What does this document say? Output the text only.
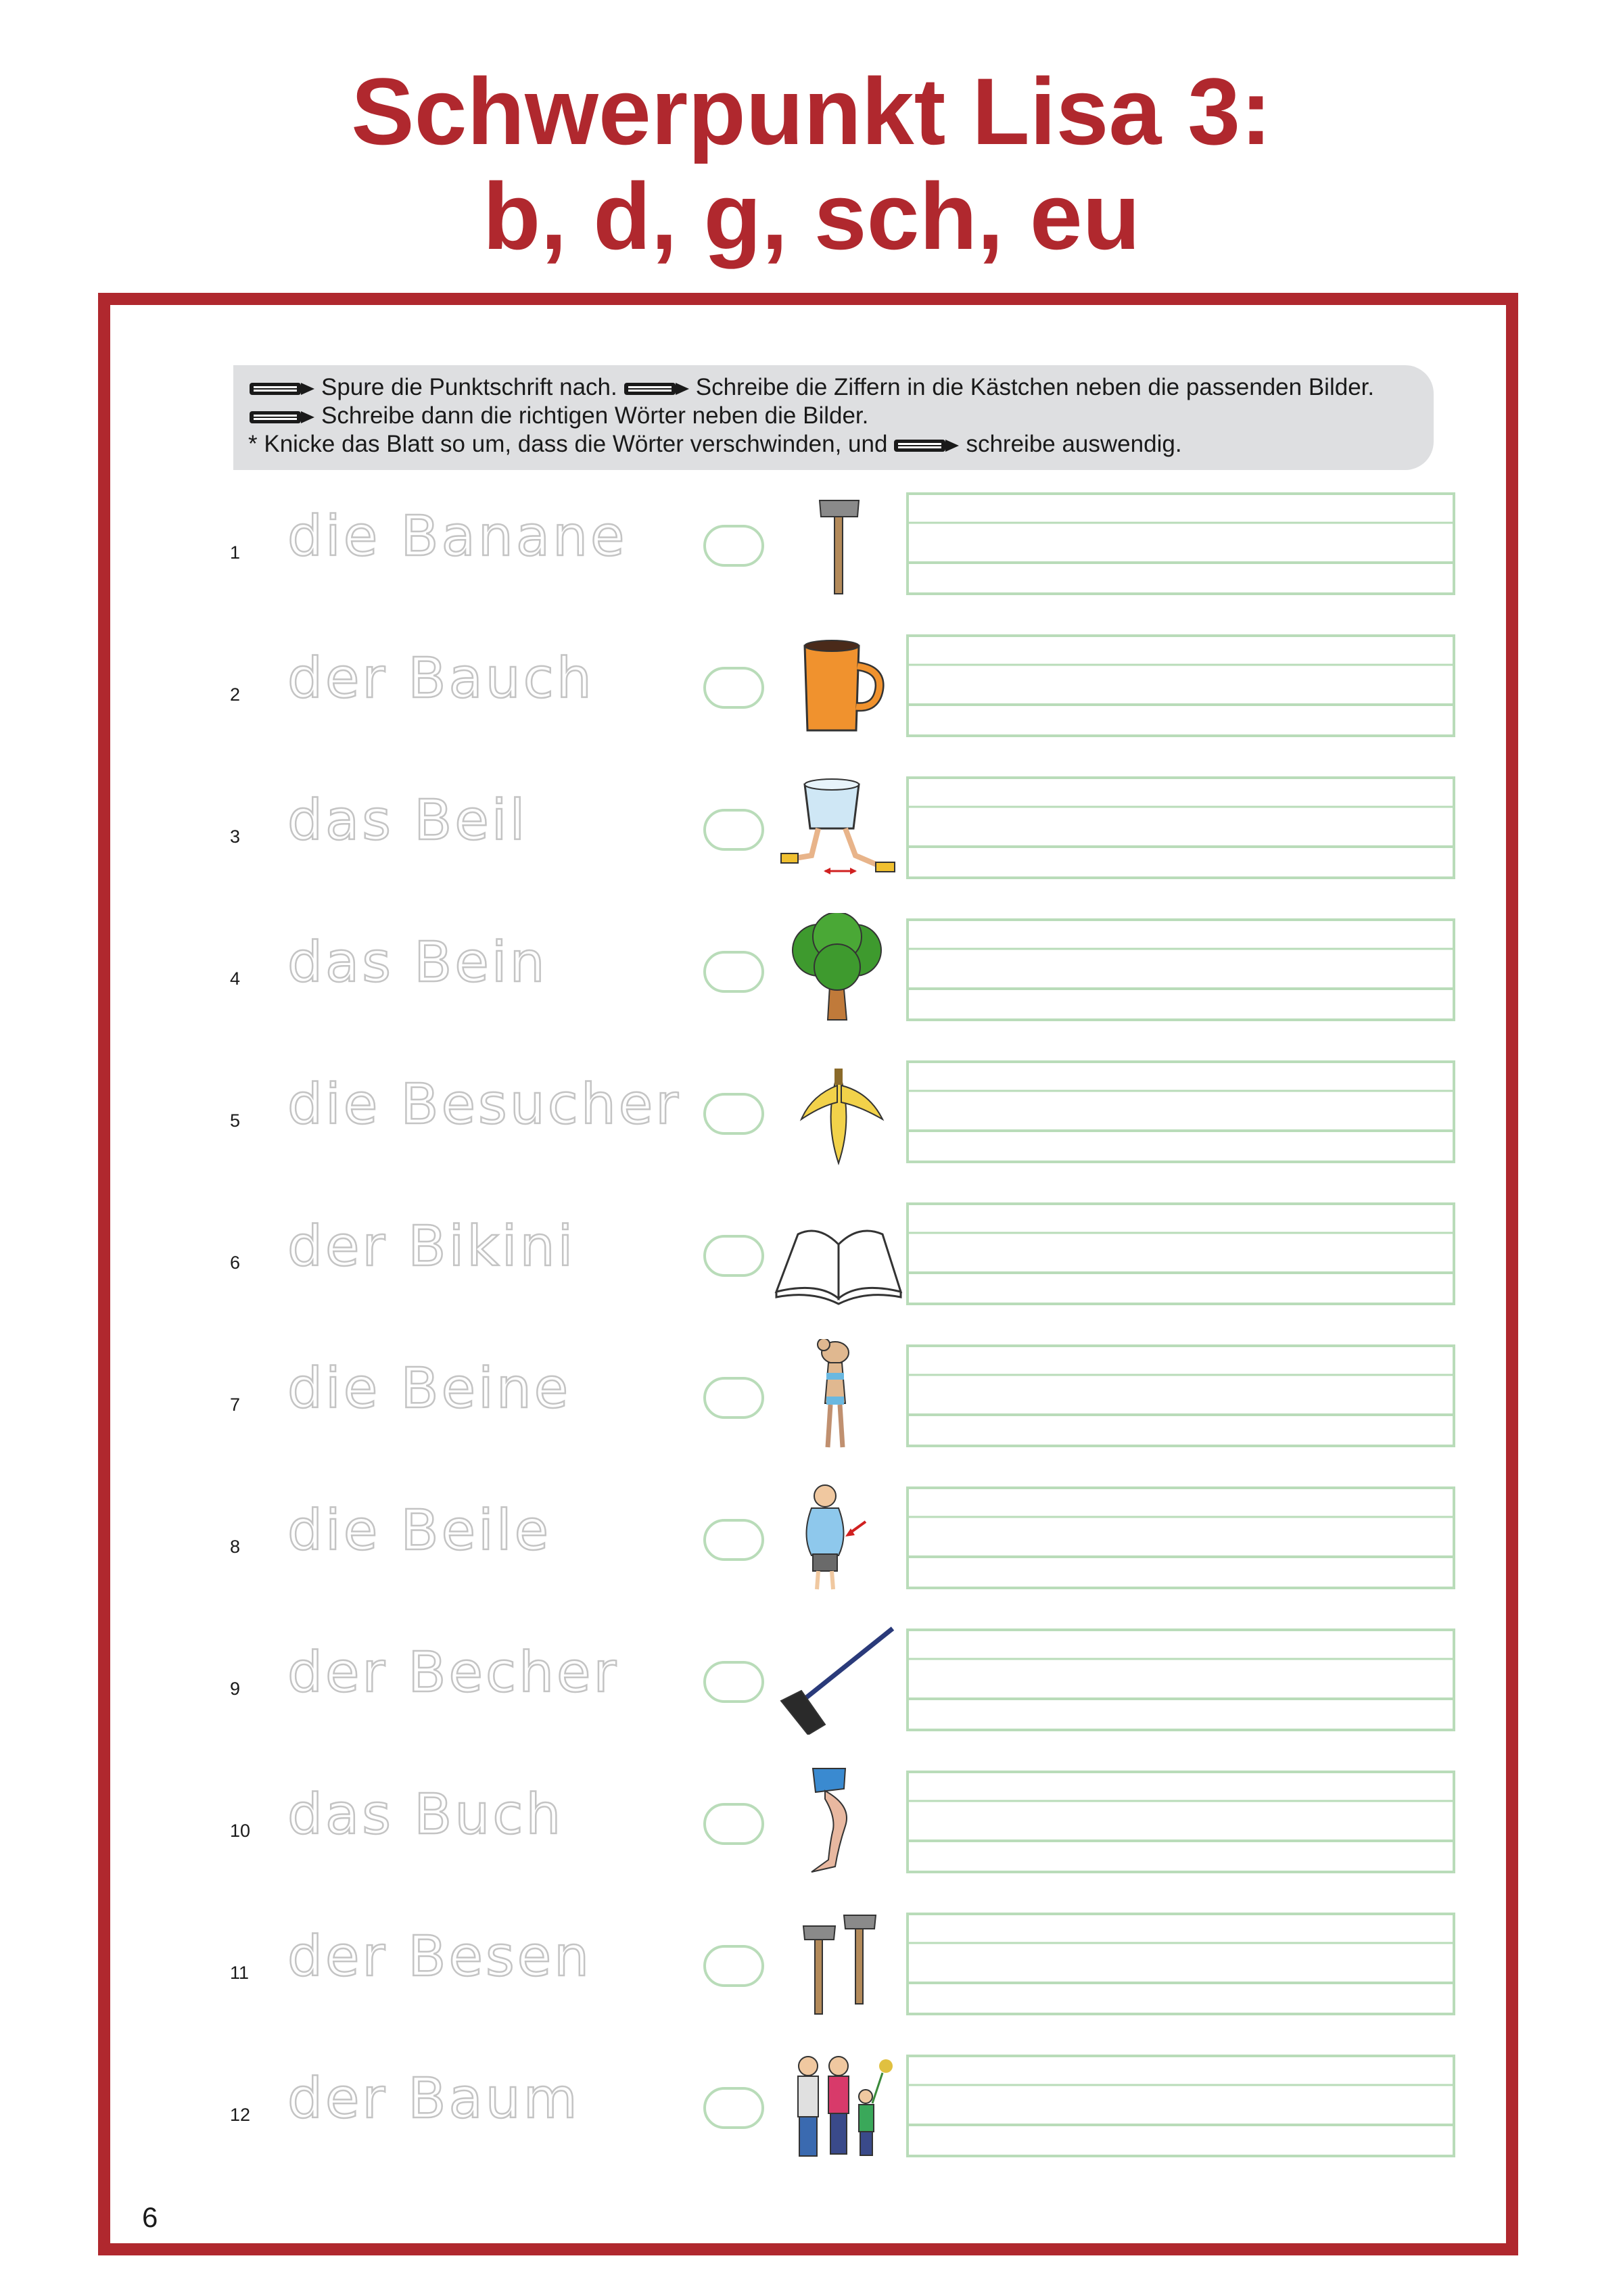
Schwerpunkt Lisa 3:
b, d, g, sch, eu
Spure die Punktschrift nach.	Schreibe die Ziffern in die Kästchen neben die passenden Bilder.
Schreibe dann die richtigen Wörter neben die Bilder.
* Knicke das Blatt so um, dass die Wörter verschwinden, und	schreibe auswendig.
1 die Banane
2 der Bauch
3 das Beil
4 das Bein
5 die Besucher
6 der Bikini
7 die Beine
8 die Beile
9 der Becher
10 das Buch
11 der Besen
12 der Baum
6
